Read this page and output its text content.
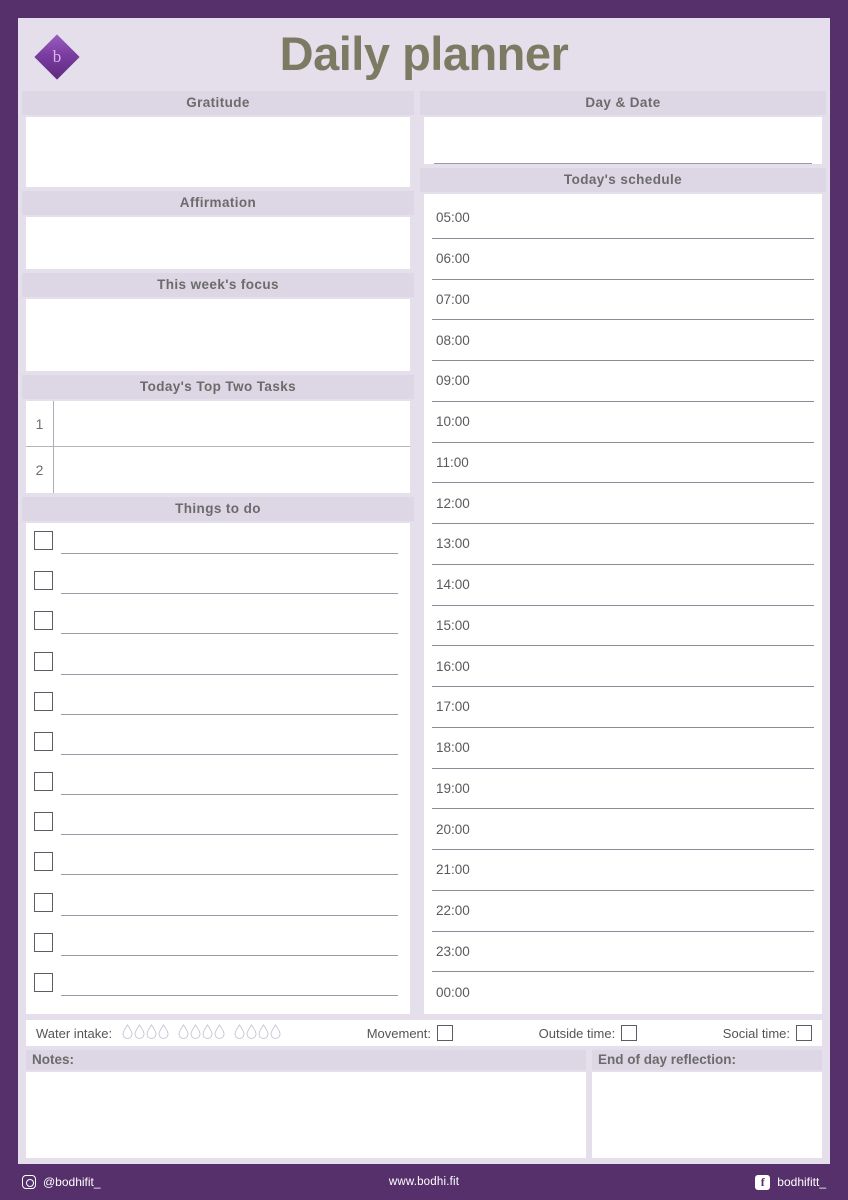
b	Daily planner
Gratitude
Affirmation
This week's focus
Today's Top Two Tasks
1
2
Things to do
Day & Date
Today's schedule
05:00
06:00
07:00
08:00
09:00
10:00
11:00
12:00
13:00
14:00
15:00
16:00
17:00
18:00
19:00
20:00
21:00
22:00
23:00
00:00
Water intake:	Movement:	Outside time:	Social time:
Notes:	End of day reflection:
@bodhifit_	www.bodhi.fit	f	bodhifitt_
